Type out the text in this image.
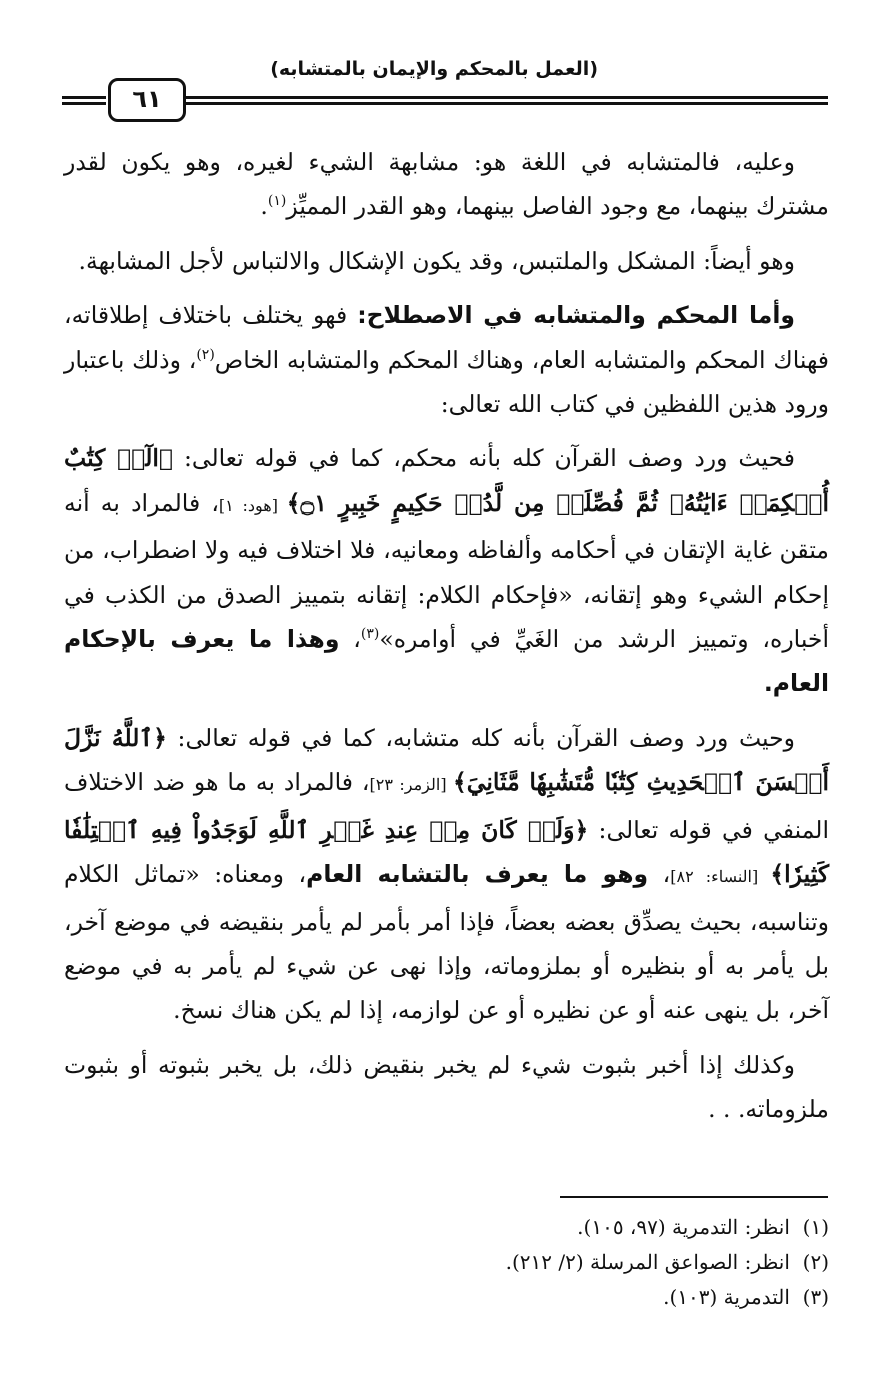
٦١
(العمل بالمحكم والإيمان بالمتشابه)

وعليه، فالمتشابه في اللغة هو: مشابهة الشيء لغيره، وهو يكون لقدر مشترك بينهما، مع وجود الفاصل بينهما، وهو القدر المميِّز$^{(١)}$.

وهو أيضاً: المشكل والملتبس، وقد يكون الإشكال والالتباس لأجل المشابهة.

وأما المحكم والمتشابه في الاصطلاح: فهو يختلف باختلاف إطلاقاته، فهناك المحكم والمتشابه العام، وهناك المحكم والمتشابه الخاص$^{(٢)}$، وذلك باعتبار ورود هذين اللفظين في كتاب الله تعالى:

فحيث ورد وصف القرآن كله بأنه محكم، كما في قوله تعالى: ﴿الٓرۚ كِتَٰبٌ أُحۡكِمَتۡ ءَايَٰتُهُۥ ثُمَّ فُصِّلَتۡ مِن لَّدُنۡ حَكِيمٍ خَبِيرٍ ۝١﴾ [هود: ١]، فالمراد به أنه متقن غاية الإتقان في أحكامه وألفاظه ومعانيه، فلا اختلاف فيه ولا اضطراب، من إحكام الشيء وهو إتقانه، «فإحكام الكلام: إتقانه بتمييز الصدق من الكذب في أخباره، وتمييز الرشد من الغَيِّ في أوامره»$^{(٣)}$، وهذا ما يعرف بالإحكام العام.

وحيث ورد وصف القرآن بأنه كله متشابه، كما في قوله تعالى: ﴿ٱللَّهُ نَزَّلَ أَحۡسَنَ ٱلۡحَدِيثِ كِتَٰبٗا مُّتَشَٰبِهٗا مَّثَانِيَ﴾ [الزمر: ٢٣]، فالمراد به ما هو ضد الاختلاف المنفي في قوله تعالى: ﴿وَلَوۡ كَانَ مِنۡ عِندِ غَيۡرِ ٱللَّهِ لَوَجَدُواْ فِيهِ ٱخۡتِلَٰفٗا كَثِيرٗا﴾ [النساء: ٨٢]، وهو ما يعرف بالتشابه العام، ومعناه: «تماثل الكلام وتناسبه، بحيث يصدِّق بعضه بعضاً، فإذا أمر بأمر لم يأمر بنقيضه في موضع آخر، بل يأمر به أو بنظيره أو بملزوماته، وإذا نهى عن شيء لم يأمر به في موضع آخر، بل ينهى عنه أو عن نظيره أو عن لوازمه، إذا لم يكن هناك نسخ.

وكذلك إذا أخبر بثبوت شيء لم يخبر بنقيض ذلك، بل يخبر بثبوته أو بثبوت ملزوماته. . .

(١)  انظر: التدمرية (٩٧، ١٠٥).
(٢)  انظر: الصواعق المرسلة (٢/ ٢١٢).
(٣)  التدمرية (١٠٣).
